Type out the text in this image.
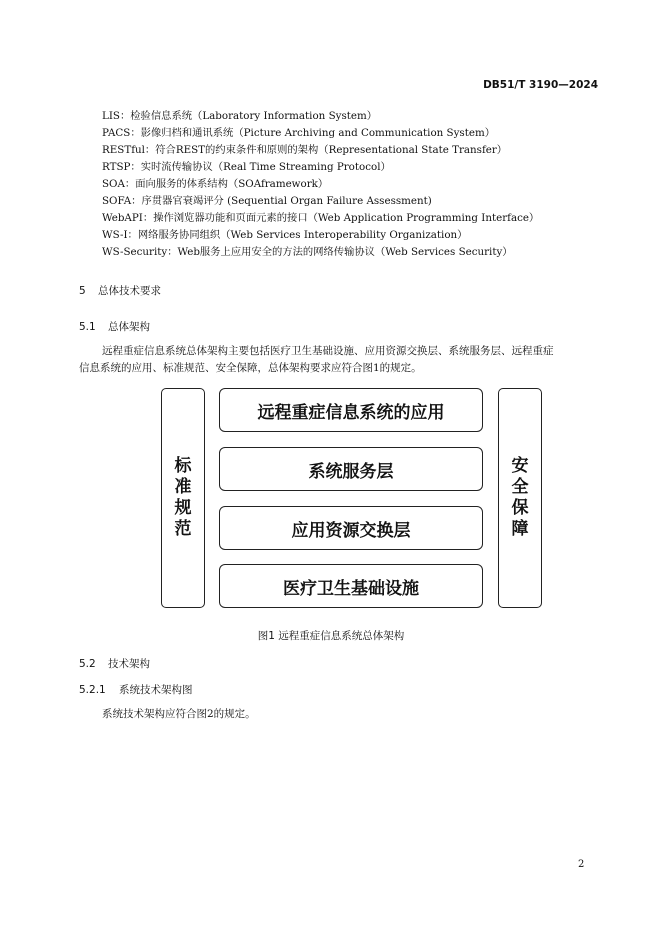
DB51/T 3190—2024
LIS：检验信息系统（Laboratory Information System）
PACS：影像归档和通讯系统（Picture Archiving and Communication System）
RESTful：符合REST的约束条件和原则的架构（Representational State Transfer）
RTSP：实时流传输协议（Real Time Streaming Protocol）
SOA：面向服务的体系结构（SOAframework）
SOFA：序贯器官衰竭评分 (Sequential Organ Failure Assessment)
WebAPI：操作浏览器功能和页面元素的接口（Web Application Programming Interface）
WS-I：网络服务协同组织（Web Services Interoperability Organization）
WS-Security：Web服务上应用安全的方法的网络传输协议（Web Services Security）
5 总体技术要求
5.1 总体架构
远程重症信息系统总体架构主要包括医疗卫生基础设施、应用资源交换层、系统服务层、远程重症
信息系统的应用、标准规范、安全保障，总体架构要求应符合图1的规定。
标准规范
远程重症信息系统的应用
系统服务层
应用资源交换层
医疗卫生基础设施
安全保障
图1 远程重症信息系统总体架构
5.2 技术架构
5.2.1 系统技术架构图
系统技术架构应符合图2的规定。
2
